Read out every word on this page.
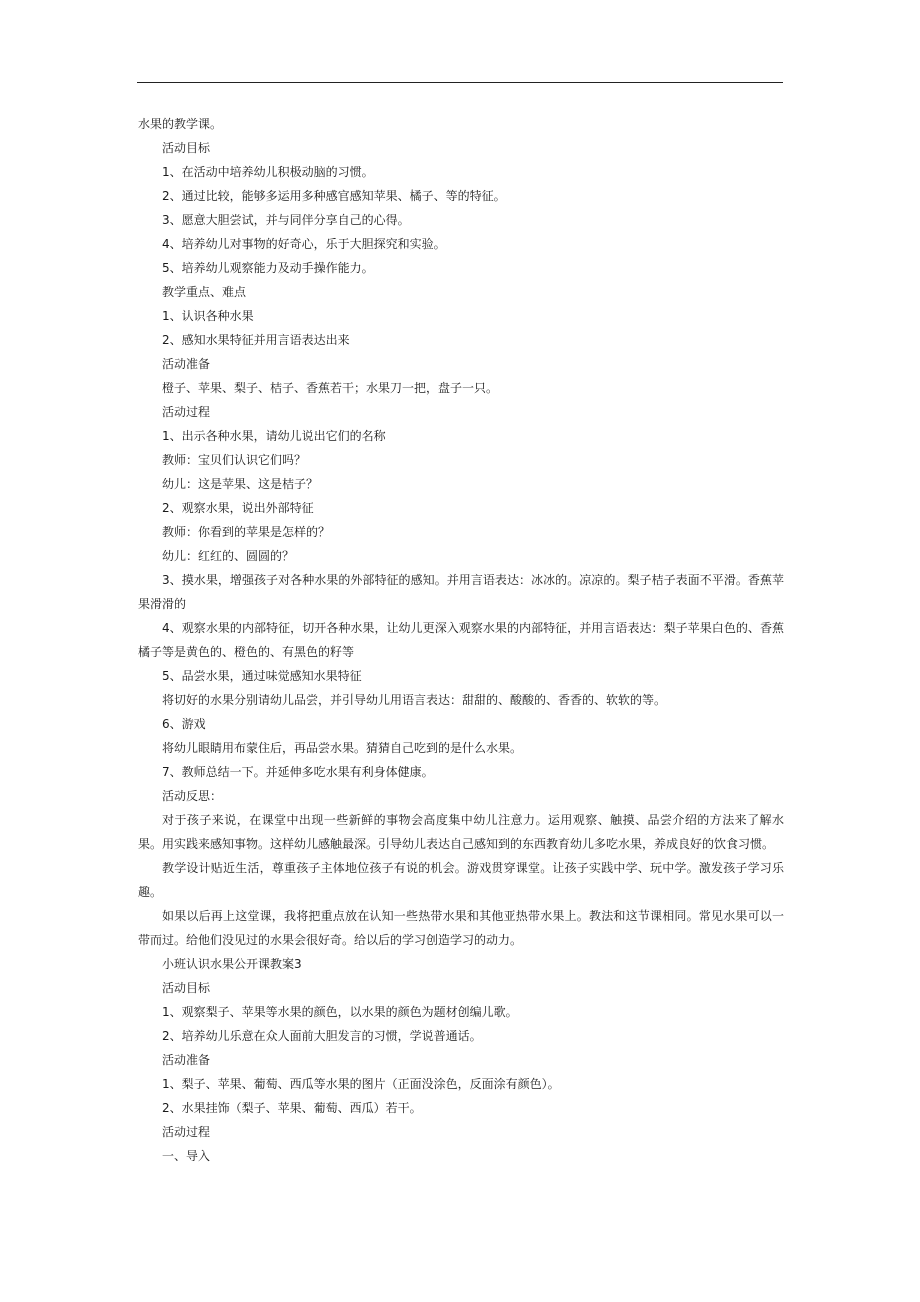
水果的教学课。

活动目标

1、在活动中培养幼儿积极动脑的习惯。

2、通过比较，能够多运用多种感官感知苹果、橘子、等的特征。

3、愿意大胆尝试，并与同伴分享自己的心得。

4、培养幼儿对事物的好奇心，乐于大胆探究和实验。

5、培养幼儿观察能力及动手操作能力。

教学重点、难点

1、认识各种水果

2、感知水果特征并用言语表达出来

活动准备

橙子、苹果、梨子、桔子、香蕉若干；水果刀一把，盘子一只。

活动过程

1、出示各种水果，请幼儿说出它们的名称

教师：宝贝们认识它们吗？

幼儿：这是苹果、这是桔子？

2、观察水果，说出外部特征

教师：你看到的苹果是怎样的？

幼儿：红红的、圆圆的？

3、摸水果，增强孩子对各种水果的外部特征的感知。并用言语表达：冰冰的。凉凉的。梨子桔子表面不平滑。香蕉苹果滑滑的

4、观察水果的内部特征，切开各种水果，让幼儿更深入观察水果的内部特征，并用言语表达：梨子苹果白色的、香蕉橘子等是黄色的、橙色的、有黑色的籽等

5、品尝水果，通过味觉感知水果特征

将切好的水果分别请幼儿品尝，并引导幼儿用语言表达：甜甜的、酸酸的、香香的、软软的等。

6、游戏

将幼儿眼睛用布蒙住后，再品尝水果。猜猜自己吃到的是什么水果。

7、教师总结一下。并延伸多吃水果有利身体健康。

活动反思：

对于孩子来说，在课堂中出现一些新鲜的事物会高度集中幼儿注意力。运用观察、触摸、品尝介绍的方法来了解水果。用实践来感知事物。这样幼儿感触最深。引导幼儿表达自己感知到的东西教育幼儿多吃水果，养成良好的饮食习惯。

教学设计贴近生活，尊重孩子主体地位孩子有说的机会。游戏贯穿课堂。让孩子实践中学、玩中学。激发孩子学习乐趣。

如果以后再上这堂课，我将把重点放在认知一些热带水果和其他亚热带水果上。教法和这节课相同。常见水果可以一带而过。给他们没见过的水果会很好奇。给以后的学习创造学习的动力。

小班认识水果公开课教案3

活动目标

1、观察梨子、苹果等水果的颜色，以水果的颜色为题材创编儿歌。

2、培养幼儿乐意在众人面前大胆发言的习惯，学说普通话。

活动准备

1、梨子、苹果、葡萄、西瓜等水果的图片（正面没涂色，反面涂有颜色）。

2、水果挂饰（梨子、苹果、葡萄、西瓜）若干。

活动过程

一、导入
